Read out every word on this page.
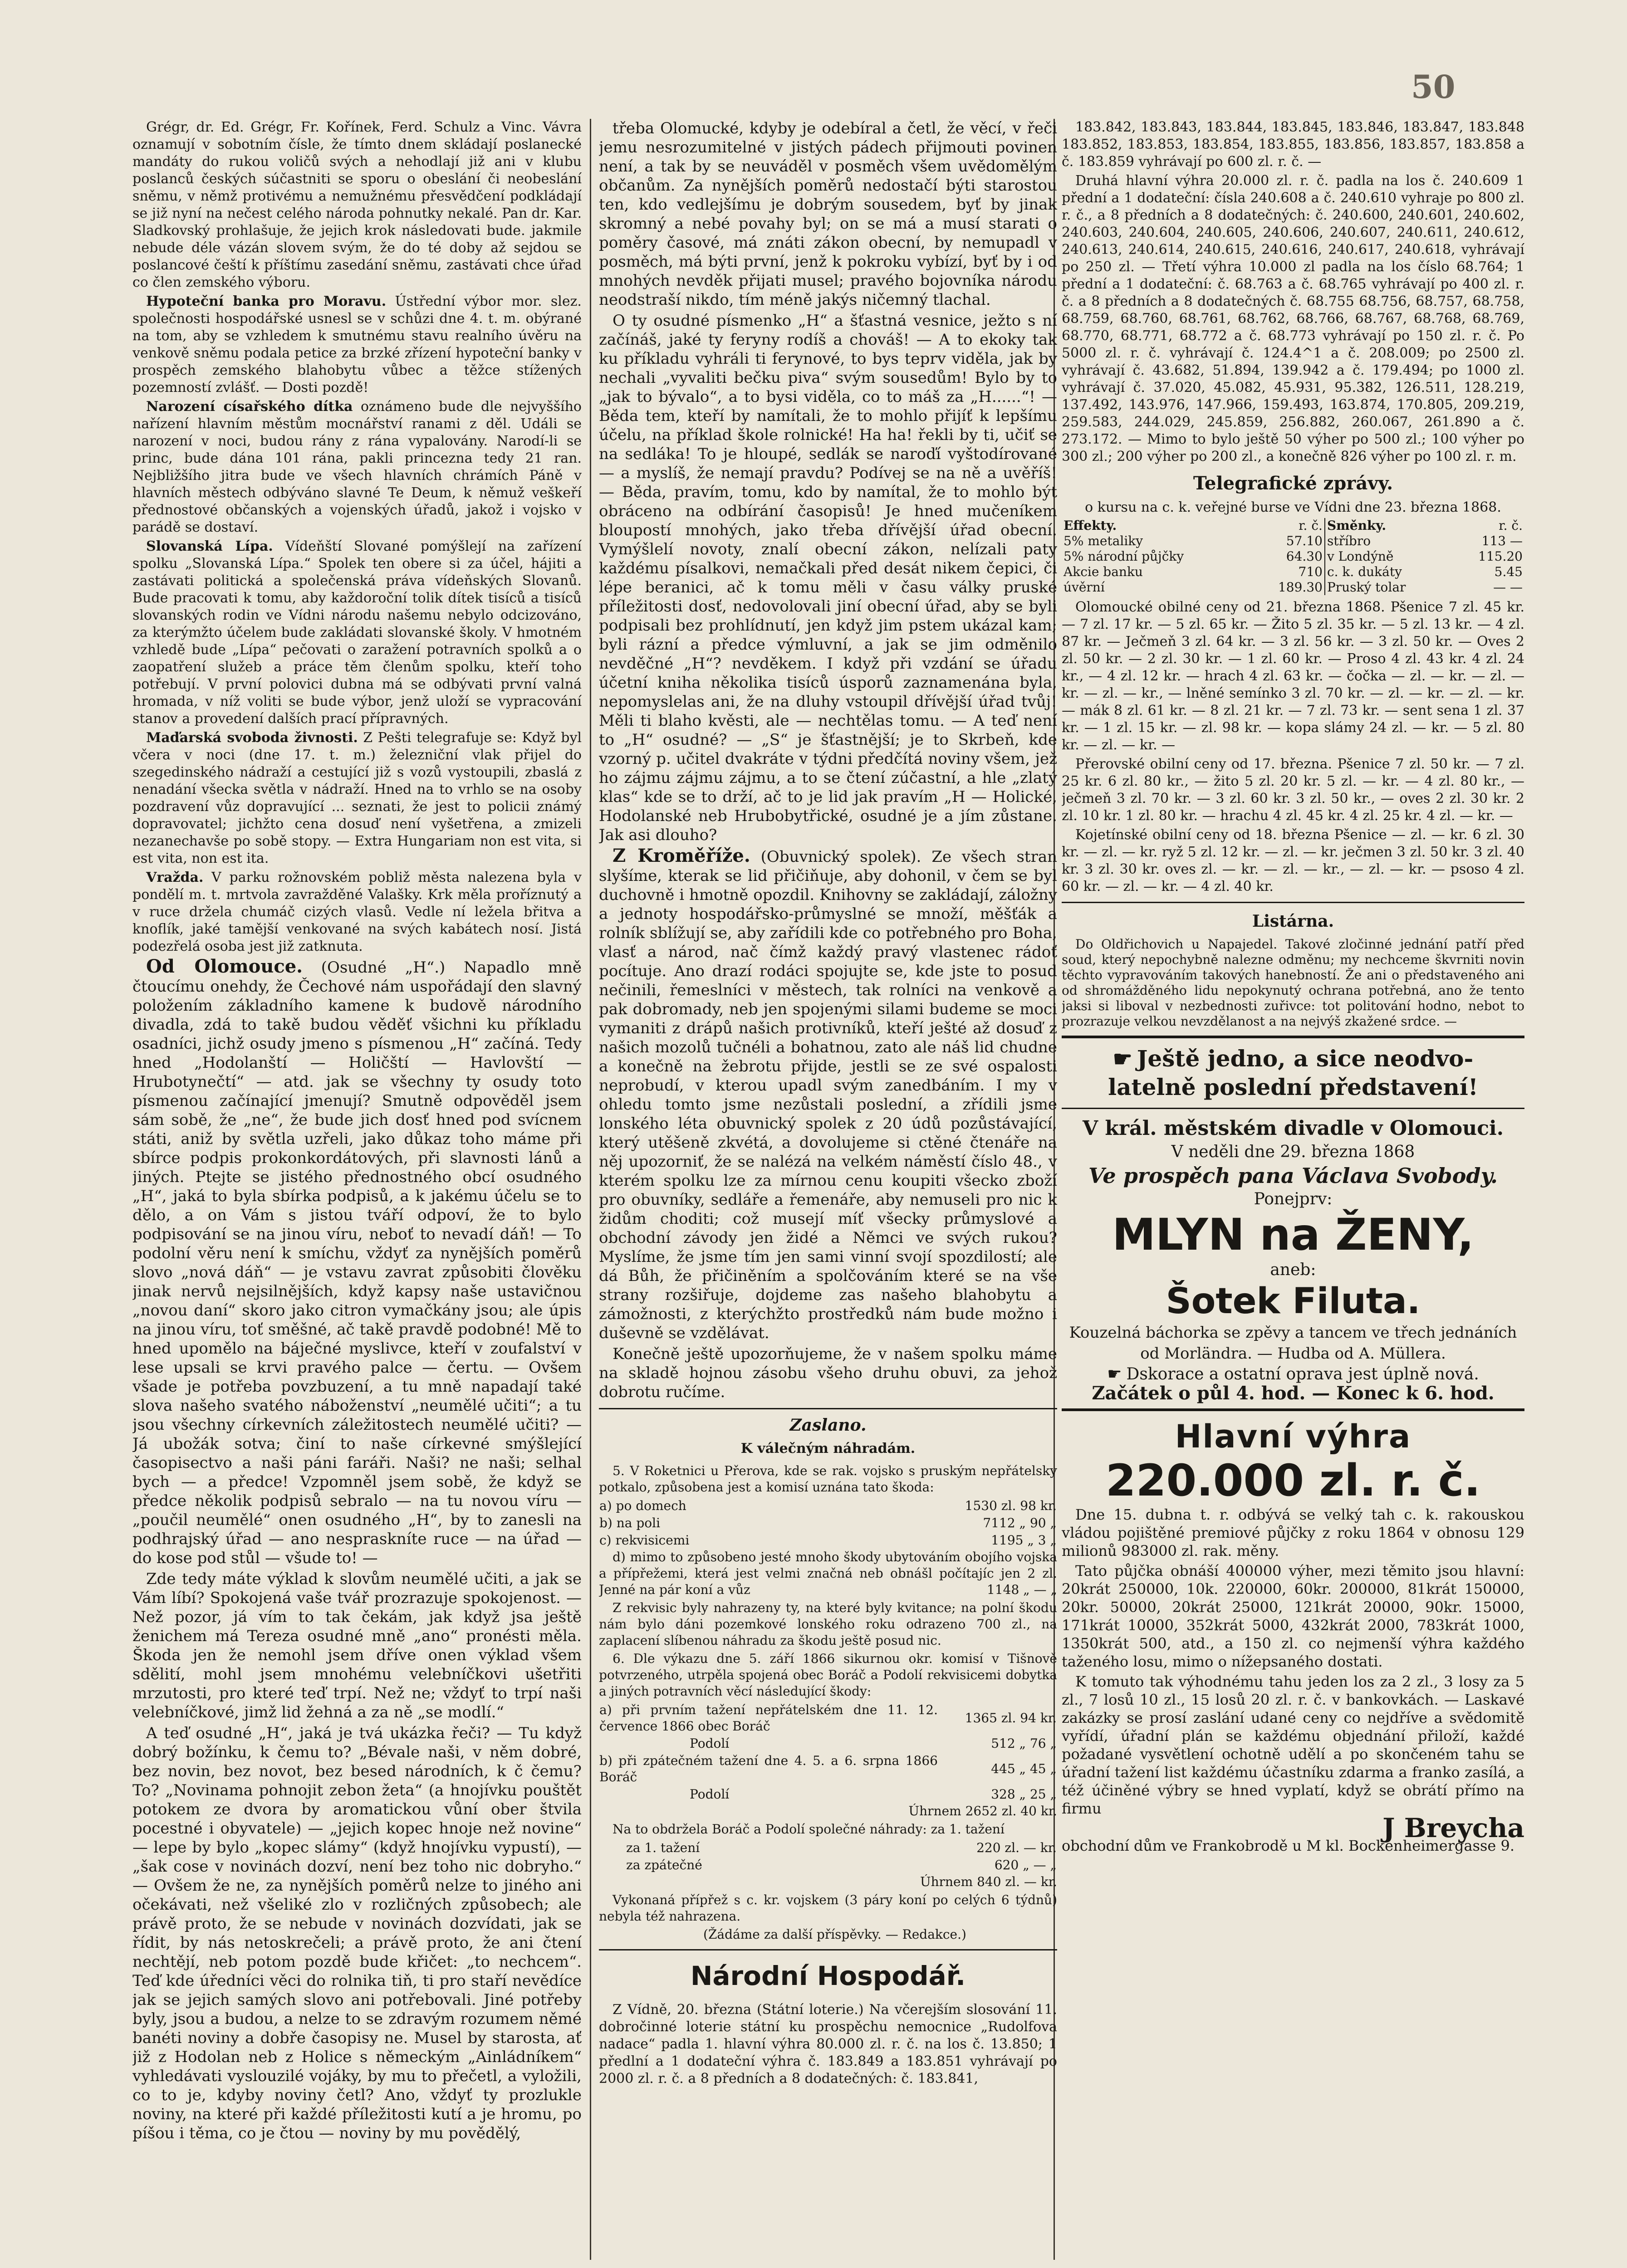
Grégr, dr. Ed. Grégr, Fr. Kořínek, Ferd. Schulz a Vinc. Vávra oznamují v sobotním čísle, že tímto dnem skládají poslanecké mandáty do rukou voličů svých a nehodlají již ani v klubu poslanců českých súčastniti se sporu o obeslání či neobeslání sněmu, v němž protivému a nemužnému přesvědčení podkládají se již nyní na nečest celého národa pohnutky nekalé. Pan dr. Kar. Sladkovský prohlašuje, že jejich krok následovati bude. jakmile nebude déle vázán slovem svým, že do té doby až sejdou se poslancové čeští k příštímu zasedání sněmu, zastávati chce úřad co člen zemského výboru.

Hypoteční banka pro Moravu. Ústřední výbor mor. slez. společnosti hospodářské usnesl se v schůzi dne 4. t. m. obýrané na tom, aby se vzhledem k smutnému stavu realního úvěru na venkově sněmu podala petice za brzké zřízení hypoteční banky v prospěch zemského blahobytu vůbec a těžce stížených pozemností zvlášť. — Dosti pozdě!

Narození císařského dítka oznámeno bude dle nejvyššího nařízení hlavním městům mocnářství ranami z děl. Událi se narození v noci, budou rány z rána vypalovány. Narodí-li se princ, bude dána 101 rána, pakli princezna tedy 21 ran. Nejbližšího jitra bude ve všech hlavních chrámích Páně v hlavních městech odbýváno slavné Te Deum, k němuž veškeří přednostové občanských a vojenských úřadů, jakož i vojsko v parádě se dostaví.

Slovanská Lípa. Vídeňští Slované pomýšlejí na zařízení spolku „Slovanská Lípa.“ Spolek ten obere si za účel, hájiti a zastávati politická a společenská práva vídeňských Slovanů. Bude pracovati k tomu, aby každoroční tolik dítek tisíců a tisíců slovanských rodin ve Vídni národu našemu nebylo odcizováno, za kterýmžto účelem bude zakládati slovanské školy. V hmotném vzhledě bude „Lípa“ pečovati o zaražení potravních spolků a o zaopatření služeb a práce těm členům spolku, kteří toho potřebují. V první polovici dubna má se odbývati první valná hromada, v níž voliti se bude výbor, jenž uloží se vypracování stanov a provedení dalších prací přípravných.

Maďarská svoboda živnosti. Z Pešti telegrafuje se: Když byl včera v noci (dne 17. t. m.) železniční vlak přijel do szegedinského nádraží a cestující již s vozů vystoupili, zbaslá z nenadání všecka světla v nádraží. Hned na to vrhlo se na osoby pozdravení vůz dopravující ... seznati, že jest to policii známý dopravovatel; jichžto cena dosuď není vyšetřena, a zmizeli nezanechavše po sobě stopy. — Extra Hungariam non est vita, si est vita, non est ita.

Vražda. V parku rožnovském pobliž města nalezena byla v pondělí m. t. mrtvola zavražděné Valašky. Krk měla proříznutý a v ruce držela chumáč cizých vlasů. Vedle ní ležela břitva a knoflík, jaké tamější venkované na svých kabátech nosí. Jistá podezřelá osoba jest již zatknuta.

Od Olomouce. (Osudné „H“.) Napadlo mně čtoucímu onehdy, že Čechové nám uspořádají den slavný položením základního kamene k budově národního divadla, zdá to takě budou věděť všichni ku příkladu osadníci, jichž osudy jmeno s písmenou „H“ začíná. Tedy hned „Hodolanští — Holičští — Havlovští — Hrubotynečtí“ — atd. jak se všechny ty osudy toto písmenou začínající jmenují? Smutně odpověděl jsem sám sobě, že „ne“, že bude jich dosť hned pod svícnem státi, aniž by světla uzřeli, jako důkaz toho máme při sbírce podpis prokonkordátových, při slavnosti lánů a jiných. Ptejte se jistého přednostného obcí osudného „H“, jaká to byla sbírka podpisů, a k jakému účelu se to dělo, a on Vám s jistou tváří odpoví, že to bylo podpisování se na jinou víru, neboť to nevadí dáň! — To podolní věru není k smíchu, vždyť za nynějších poměrů slovo „nová dáň“ — je vstavu zavrat způsobiti člověku jinak nervů nejsilnějších, když kapsy naše ustavičnou „novou daní“ skoro jako citron vymačkány jsou; ale úpis na jinou víru, toť směšné, ač takě pravdě podobné! Mě to hned upomělo na báječné myslivce, kteří v zoufalství v lese upsali se krvi pravého palce — čertu. — Ovšem všade je potřeba povzbuzení, a tu mně napadají také slova našeho svatého náboženství „neumělé učiti“; a tu jsou všechny církevních záležitostech neumělé učiti? — Já ubožák sotva; činí to naše církevné smýšlející časopisectvo a naši páni faráři. Naši? ne naši; selhal bych — a předce! Vzpomněl jsem sobě, že když se předce několik podpisů sebralo — na tu novou víru — „poučil neumělé“ onen osudného „H“, by to zanesli na podhrajský úřad — ano nespraskníte ruce — na úřad — do kose pod stůl — všude to! —

Zde tedy máte výklad k slovům neumělé učiti, a jak se Vám líbí? Spokojená vaše tvář prozrazuje spokojenost. — Než pozor, já vím to tak čekám, jak když jsa ještě ženichem má Tereza osudné mně „ano“ pronésti měla. Škoda jen že nemohl jsem dříve onen výklad všem sdělití, mohl jsem mnohému velebníčkovi ušetřiti mrzutosti, pro které teď trpí. Než ne; vždyť to trpí naši velebníčkové, jimž lid žehná a za ně „se modlí.“

A teď osudné „H“, jaká je tvá ukázka řeči? — Tu když dobrý božínku, k čemu to? „Bévale naši, v něm dobré, bez novin, bez novot, bez besed národních, k č čemu? To? „Novinama pohnojit zebon žeta“ (a hnojívku pouštět potokem ze dvora by aromatickou vůní ober štvila pocestné i obyvatele) — „jejich kopec hnoje než novine“ — lepe by bylo „kopec slámy“ (když hnojívku vypustí), — „šak cose v novinách dozví, není bez toho nic dobryho.“ — Ovšem že ne, za nynějších poměrů nelze to jiného ani očekávati, než všeliké zlo v rozličných způsobech; ale právě proto, že se nebude v novinách dozvídati, jak se řídit, by nás netoskrečeli; a právě proto, že ani čtení nechtějí, neb potom pozdě bude křičet: „to nechcem“. Teď kde úředníci věci do rolnika tiň, ti pro staří nevědíce jak se jejich samých slovo ani potřebovali. Jiné potřeby byly, jsou a budou, a nelze to se zdravým rozumem němé banéti noviny a dobře časopisy ne. Musel by starosta, ať již z Hodolan neb z Holice s německým „Ainládníkem“ vyhledávati vyslouzilé vojáky, by mu to přečetl, a vyložili, co to je, kdyby noviny četl? Ano, vždyť ty prozlukle noviny, na které při každé příležitosti kutí a je hromu, po píšou i těma, co je čtou — noviny by mu povědělý,

třeba Olomucké, kdyby je odebíral a četl, že věcí, v řeči jemu nesrozumitelné v jistých pádech přijmouti povinen není, a tak by se neuváděl v posměch všem uvědomělým občanům. Za nynějších poměrů nedostačí býti starostou ten, kdo vedlejšímu je dobrým sousedem, byť by jinak skromný a nebé povahy byl; on se má a musí starati o poměry časové, má znáti zákon obecní, by nemupadl v posměch, má býti první, jenž k pokroku vybízí, byť by i od mnohých nevděk přijati musel; pravého bojovníka národu neodstraší nikdo, tím méně jakýs ničemný tlachal.

O ty osudné písmenko „H“ a šťastná vesnice, ježto s ní začínáš, jaké ty feryny rodíš a chováš! — A to ekoky tak ku příkladu vyhráli ti ferynové, to bys teprv viděla, jak by nechali „vyvaliti bečku piva“ svým sousedům! Bylo by to „jak to bývalo“, a to bysi viděla, co to máš za „H......“! — Běda tem, kteří by namítali, že to mohlo přijíť k lepšímu účelu, na příklad škole rolnické! Ha ha! řekli by ti, učiť se na sedláka! To je hloupé, sedlák se naroďí vyštodírované — a myslíš, že nemají pravdu? Podívej se na ně a uvěříš! — Běda, pravím, tomu, kdo by namítal, že to mohlo být obráceno na odbírání časopisů! Je hned mučeníkem bloupostí mnohých, jako třeba dřívější úřad obecní. Vymýšlelí novoty, znalí obecní zákon, nelízali paty každému písalkovi, nemačkali před desát nikem čepici, či lépe beranici, ač k tomu měli v času války pruské příležitosti dosť, nedovolovali jiní obecní úřad, aby se byli podpisali bez prohlídnutí, jen když jim pstem ukázal kam; byli rázní a předce výmluvní, a jak se jim odměnilo nevděčné „H“? nevděkem. I když při vzdání se úřadu účetní kniha několika tisíců úsporů zaznamenána byla, nepomyslelas ani, že na dluhy vstoupil dřívější úřad tvůj! Měli ti blaho kvěsti, ale — nechtělas tomu. — A teď není to „H“ osudné? — „S“ je šťastnější; je to Skrbeň, kde vzorný p. učitel dvakráte v týdni předčítá noviny všem, jež ho zájmu zájmu zájmu, a to se čtení zúčastní, a hle „zlatý klas“ kde se to drží, ač to je lid jak pravím „H — Holické, Hodolanské neb Hrubobytřické, osudné je a jím zůstane. Jak asi dlouho?

Z Kroměříže. (Obuvnický spolek). Ze všech stran slyšíme, kterak se lid přičiňuje, aby dohonil, v čem se byl duchovně i hmotně opozdil. Knihovny se zakládají, záložny a jednoty hospodářsko-průmyslné se množí, měšťák a rolník sblížují se, aby zařídili kde co potřebného pro Boha, vlasť a národ, nač čímž každý pravý vlastenec rádoť pocítuje. Ano drazí rodáci spojujte se, kde jste to posud nečinili, řemeslníci v městech, tak rolníci na venkově a pak dobromady, neb jen spojenými silami budeme se moci vymaniti z drápů našich protivníků, kteří ješté až dosuď z našich mozolů tučnéli a bohatnou, zato ale náš lid chudne a konečně na žebrotu přijde, jestli se ze své ospalosti neprobudí, v kterou upadl svým zanedbáním. I my v ohledu tomto jsme nezůstali poslední, a zřídili jsme lonského léta obuvnický spolek z 20 údů pozůstávající, který utěšeně zkvétá, a dovolujeme si ctěné čtenáře na něj upozorniť, že se nalézá na velkém náměstí číslo 48., v kterém spolku lze za mírnou cenu koupiti všecko zboží pro obuvníky, sedláře a řemenáře, aby nemuseli pro nic k židům choditi; což musejí míť všecky průmyslové a obchodní závody jen židé a Němci ve svých rukou? Myslíme, že jsme tím jen sami vinní svojí spozdilostí; ale dá Bůh, že přičiněním a spolčováním které se na vše strany rozšiřuje, dojdeme zas našeho blahobytu a zámožnosti, z kterýchžto prostředků nám bude možno i duševně se vzdělávat.

Konečně ještě upozorňujeme, že v našem spolku máme na skladě hojnou zásobu všeho druhu obuvi, za jehož dobrotu ručíme.

Zaslano.
K válečným náhradám.

5. V Roketnici u Přerova, kde se rak. vojsko s pruským nepřátelsky potkalo, způsobena jest a komisí uznána tato škoda:

a) po domech	1530 zl. 98 kr.
b) na poli	7112 „ 90 „
c) rekvisicemi	1195 „ 3 „

d) mimo to způsobeno jesté mnoho škody ubytováním obojího vojska a přípřežemi, která jest velmi značná neb obnášl počítajíc jen 2 zl. Jenné na pár koní a vůz	1148 „ — „

Z rekvisic byly nahrazeny ty, na které byly kvitance; na polní škodu nám bylo dáni pozemkové lonského roku odrazeno 700 zl., na zaplacení slíbenou náhradu za škodu ještě posud nic.

6. Dle výkazu dne 5. září 1866 sikurnou okr. komisí v Tišnově potvrzeného, utrpěla spojená obec Boráč a Podolí rekvisicemi dobytka a jiných potravních věcí následující škody:

a) při prvním tažení nepřátelském dne 11. 12. července 1866 obec Boráč	1365 zl. 94 kr.
Podolí	512 „ 76 „
b) při zpátečném tažení dne 4. 5. a 6. srpna 1866 Boráč	445 „ 45 „
Podolí	328 „ 25 „

Úhrnem 2652 zl. 40 kr.

Na to obdržela Boráč a Podolí společné náhrady: za 1. tažení

za 1. tažení	220 zl. — kr.
za zpátečné	620 „ — „

Úhrnem 840 zl. — kr.

Vykonaná přípřež s c. kr. vojskem (3 páry koní po celých 6 týdnů) nebyla též nahrazena.

(Žádáme za další příspěvky. — Redakce.)

Národní Hospodář.

Z Vídně, 20. března (Státní loterie.) Na včerejším slosování 11. dobročinné loterie státní ku prospěchu nemocnice „Rudolfova nadace“ padla 1. hlavní výhra 80.000 zl. r. č. na los č. 13.850; 1 předlní a 1 dodateční výhra č. 183.849 a 183.851 vyhrávají po 2000 zl. r. č. a 8 předních a 8 dodatečných: č. 183.841,

183.842, 183.843, 183.844, 183.845, 183.846, 183.847, 183.848 183.852, 183.853, 183.854, 183.855, 183.856, 183.857, 183.858 a č. 183.859 vyhrávají po 600 zl. r. č. —

Druhá hlavní výhra 20.000 zl. r. č. padla na los č. 240.609 1 přední a 1 dodateční: čísla 240.608 a č. 240.610 vyhraje po 800 zl. r. č., a 8 předních a 8 dodatečných: č. 240.600, 240.601, 240.602, 240.603, 240.604, 240.605, 240.606, 240.607, 240.611, 240.612, 240.613, 240.614, 240.615, 240.616, 240.617, 240.618, vyhrávají po 250 zl. — Třetí výhra 10.000 zl padla na los číslo 68.764; 1 přední a 1 dodateční: č. 68.763 a č. 68.765 vyhrávají po 400 zl. r. č. a 8 předních a 8 dodatečných č. 68.755 68.756, 68.757, 68.758, 68.759, 68.760, 68.761, 68.762, 68.766, 68.767, 68.768, 68.769, 68.770, 68.771, 68.772 a č. 68.773 vyhrávají po 150 zl. r. č. Po 5000 zl. r. č. vyhrávají č. 124.4^1 a č. 208.009; po 2500 zl. vyhrávají č. 43.682, 51.894, 139.942 a č. 179.494; po 1000 zl. vyhrávají č. 37.020, 45.082, 45.931, 95.382, 126.511, 128.219, 137.492, 143.976, 147.966, 159.493, 163.874, 170.805, 209.219, 259.583, 244.029, 245.859, 256.882, 260.067, 261.890 a č. 273.172. — Mimo to bylo ještě 50 výher po 500 zl.; 100 výher po 300 zl.; 200 výher po 200 zl., a konečně 826 výher po 100 zl. r. m.

Telegrafické zprávy.

o kursu na c. k. veřejné burse ve Vídni dne 23. března 1868.

Effekty.	r. č.	Směnky.	r. č.
5% metaliky	57.10	stříbro	113 —
5% národní půjčky	64.30	v Londýně	115.20
Akcie banku	710	c. k. dukáty	5.45
úvěrní	189.30	Pruský tolar	— —

Olomoucké obilné ceny od 21. března 1868. Pšenice 7 zl. 45 kr. — 7 zl. 17 kr. — 5 zl. 65 kr. — Žito 5 zl. 35 kr. — 5 zl. 13 kr. — 4 zl. 87 kr. — Ječmeň 3 zl. 64 kr. — 3 zl. 56 kr. — 3 zl. 50 kr. — Oves 2 zl. 50 kr. — 2 zl. 30 kr. — 1 zl. 60 kr. — Proso 4 zl. 43 kr. 4 zl. 24 kr., — 4 zl. 12 kr. — hrach 4 zl. 63 kr. — čočka — zl. — kr. — zl. — kr. — zl. — kr., — lněné semínko 3 zl. 70 kr. — zl. — kr. — zl. — kr. — mák 8 zl. 61 kr. — 8 zl. 21 kr. — 7 zl. 73 kr. — sent sena 1 zl. 37 kr. — 1 zl. 15 kr. — zl. 98 kr. — kopa slámy 24 zl. — kr. — 5 zl. 80 kr. — zl. — kr. —

Přerovské obilní ceny od 17. března. Pšenice 7 zl. 50 kr. — 7 zl. 25 kr. 6 zl. 80 kr., — žito 5 zl. 20 kr. 5 zl. — kr. — 4 zl. 80 kr., — ječmeň 3 zl. 70 kr. — 3 zl. 60 kr. 3 zl. 50 kr., — oves 2 zl. 30 kr. 2 zl. 10 kr. 1 zl. 80 kr. — hrachu 4 zl. 45 kr. 4 zl. 25 kr. 4 zl. — kr. —

Kojetínské obilní ceny od 18. března Pšenice — zl. — kr. 6 zl. 30 kr. — zl. — kr. ryž 5 zl. 12 kr. — zl. — kr. ječmen 3 zl. 50 kr. 3 zl. 40 kr. 3 zl. 30 kr. oves zl. — kr. — zl. — kr., — zl. — kr. — psoso 4 zl. 60 kr. — zl. — kr. — 4 zl. 40 kr.

Listárna.

Do Oldřichovich u Napajedel. Takové zločinné jednání patří před soud, který nepochybně nalezne odměnu; my nechceme škvrniti novin těchto vypravováním takových hanebností. Že ani o představeného ani od shromážděného lidu nepokynutý ochrana potřebná, ano že tento jaksi si liboval v nezbednosti zuřivce: tot politování hodno, nebot to prozrazuje velkou nevzdělanost a na nejvýš zkažené srdce. —

☛ Ještě jedno, a sice neodvo-
latelně poslední představení!
V král. městském divadle v Olomouci.
V neděli dne 29. března 1868
Ve prospěch pana Václava Svobody.
Ponejprv:
MLYN na ŽENY,
aneb:
Šotek Filuta.
Kouzelná báchorka se zpěvy a tancem ve třech jednáních od Morländra. — Hudba od A. Müllera.
☛ Dskorace a ostatní oprava jest úplně nová.
Začátek o půl 4. hod. — Konec k 6. hod.
Hlavní výhra
220.000 zl. r. č.

Dne 15. dubna t. r. odbývá se velký tah c. k. rakouskou vládou pojištěné premiové půjčky z roku 1864 v obnosu 129 milionů 983000 zl. rak. měny.

Tato půjčka obnáší 400000 výher, mezi těmito jsou hlavní: 20krát 250000, 10k. 220000, 60kr. 200000, 81krát 150000, 20kr. 50000, 20krát 25000, 121krát 20000, 90kr. 15000, 171krát 10000, 352krát 5000, 432krát 2000, 783krát 1000, 1350krát 500, atd., a 150 zl. co nejmenší výhra každého taženého losu, mimo o nížepsaného dostati.

K tomuto tak výhodnému tahu jeden los za 2 zl., 3 losy za 5 zl., 7 losů 10 zl., 15 losů 20 zl. r. č. v bankovkách. — Laskavé zakázky se prosí zaslání udané ceny co nejdříve a svědomitě vyřídí, úřadní plán se každému objednání přiloží, každé požadané vysvětlení ochotně udělí a po skončeném tahu se úřadní tažení list každému účastníku zdarma a franko zasílá, a též účiněné výbry se hned vyplatí, když se obrátí přímo na firmu

J Breycha

obchodní dům ve Frankobrodě u M kl. Bockenheimergasse 9.

50
